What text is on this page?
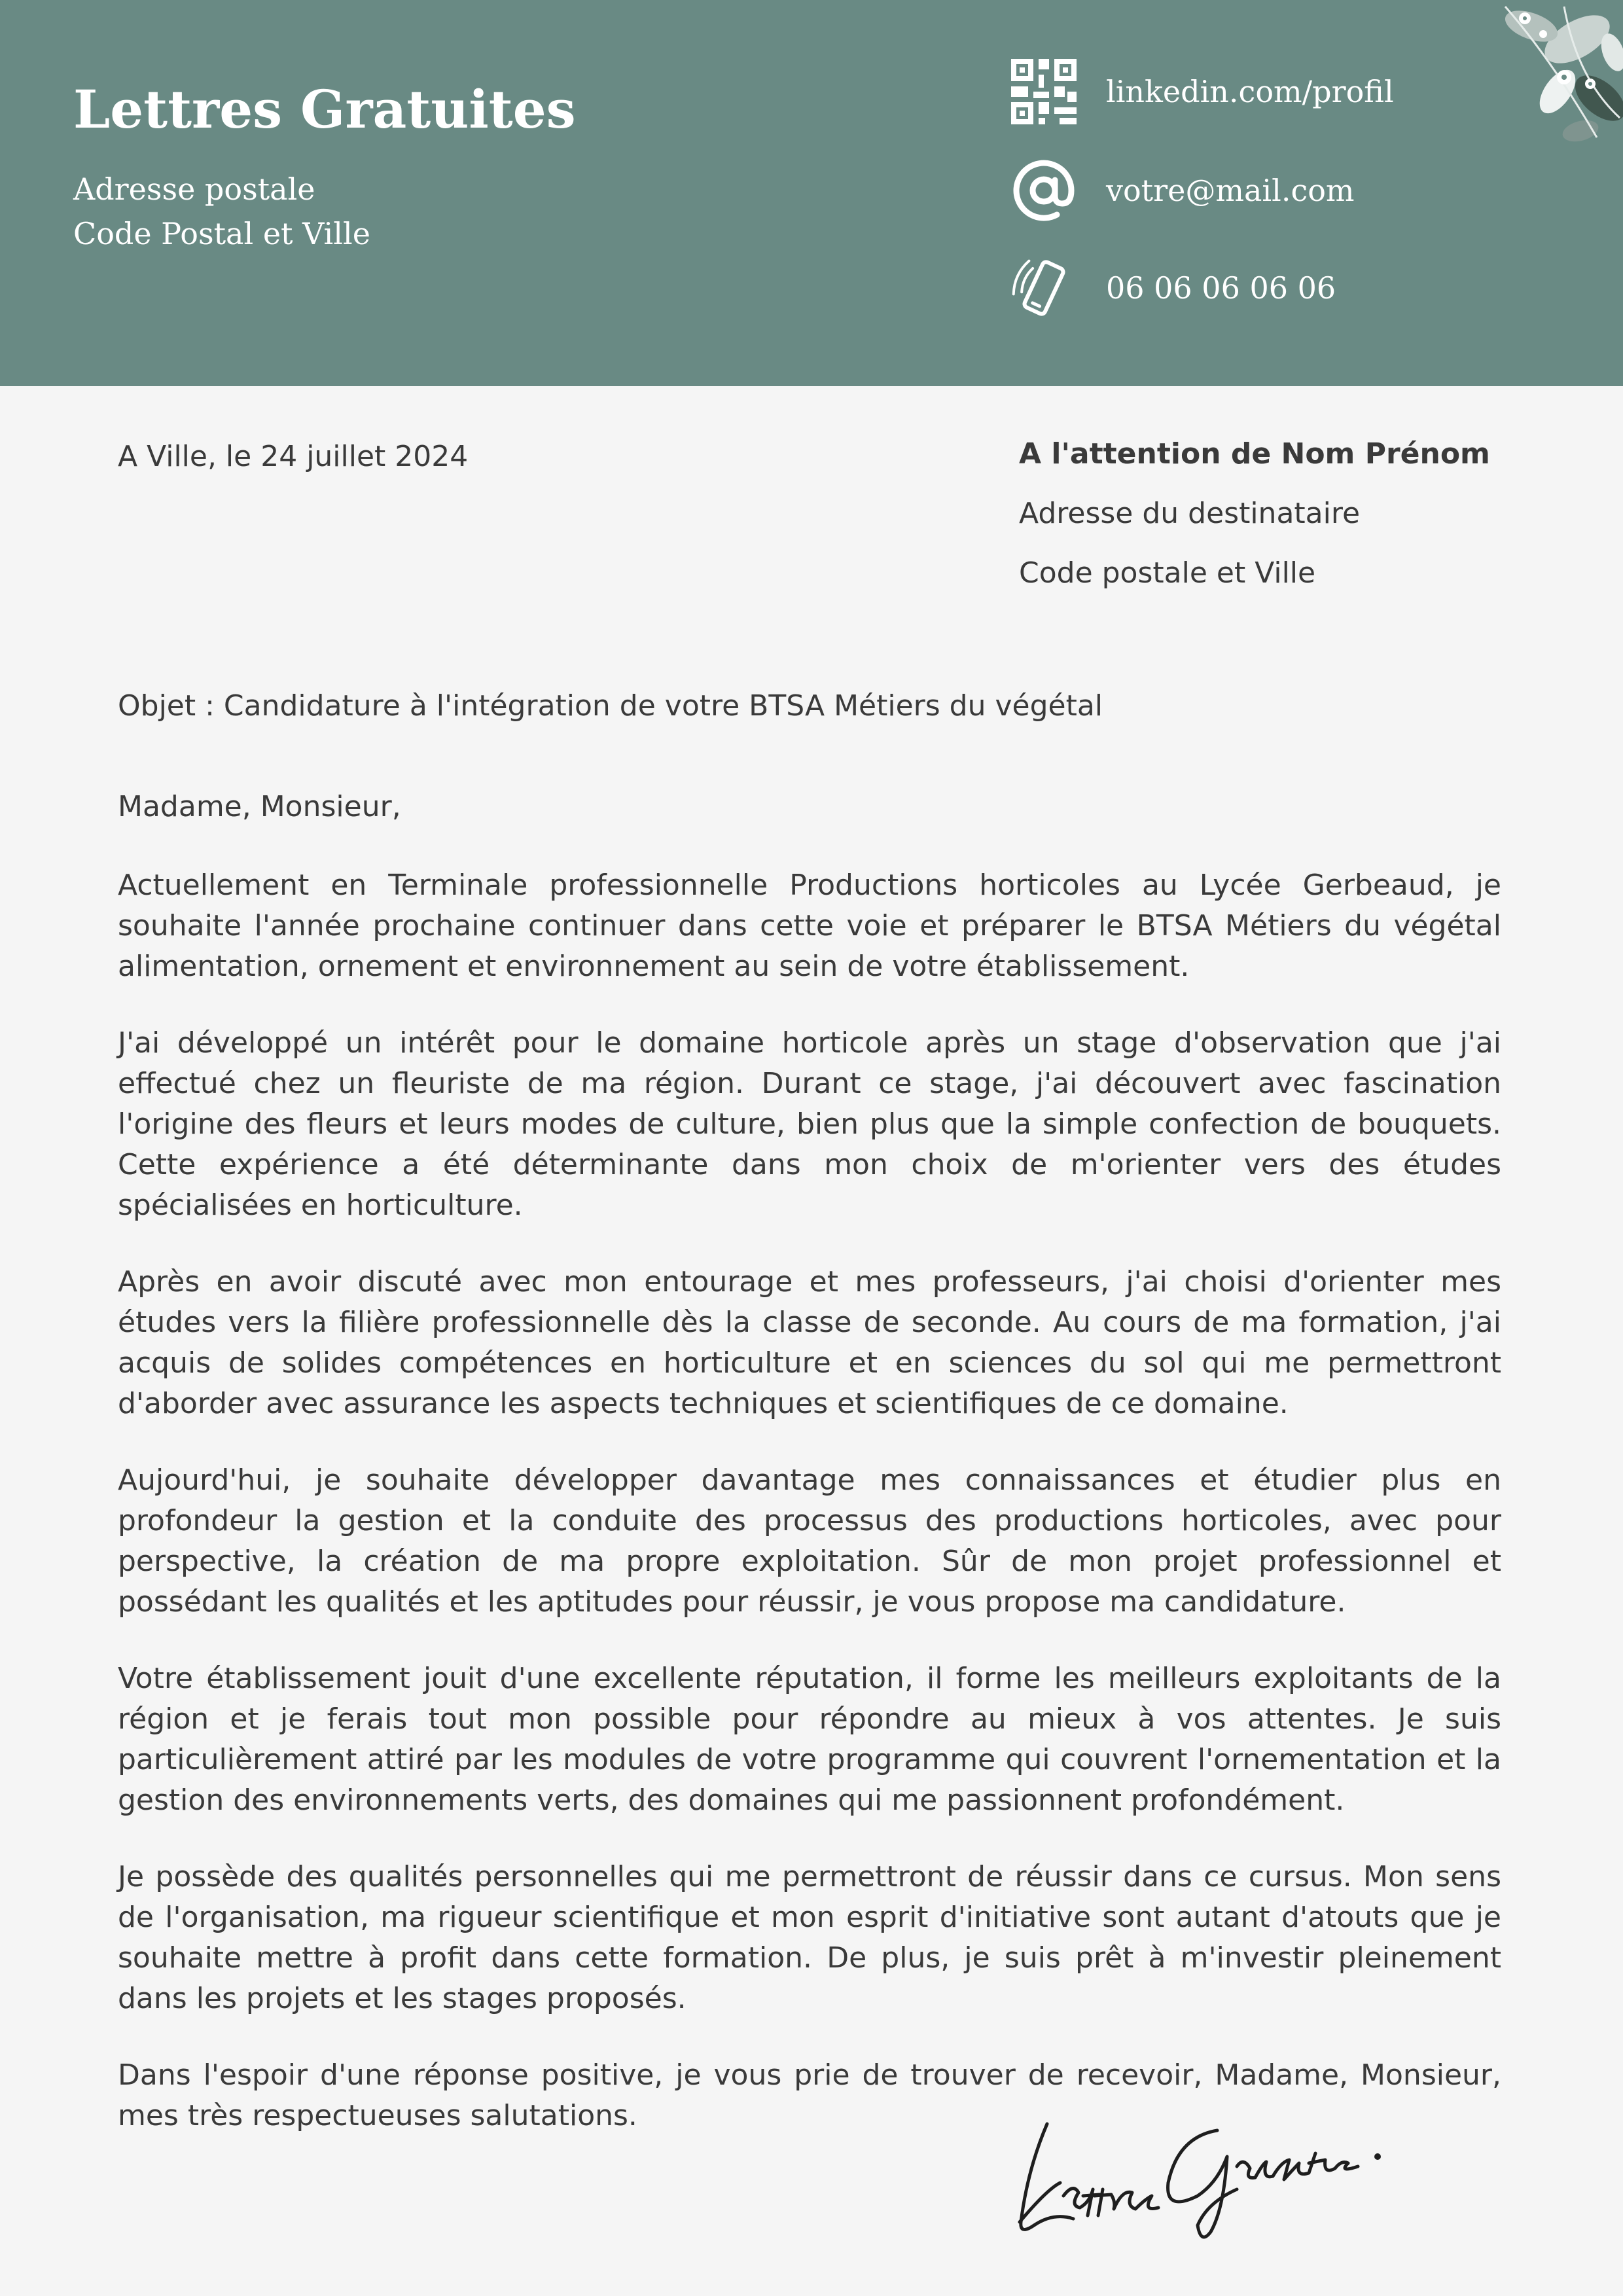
Lettres Gratuites

Adresse postale

Code Postal et Ville

linkedin.com/profil
votre@mail.com
06 06 06 06 06

A Ville, le 24 juillet 2024	A l'attention de Nom Prénom

Adresse du destinataire

Code postale et Ville

Objet : Candidature à l'intégration de votre BTSA Métiers du végétal

Madame, Monsieur,

Actuellement en Terminale professionnelle Productions horticoles au Lycée Gerbeaud, je souhaite l'année prochaine continuer dans cette voie et préparer le BTSA Métiers du végétal alimentation, ornement et environnement au sein de votre établissement.

J'ai développé un intérêt pour le domaine horticole après un stage d'observation que j'ai effectué chez un fleuriste de ma région. Durant ce stage, j'ai découvert avec fascination l'origine des fleurs et leurs modes de culture, bien plus que la simple confection de bouquets. Cette expérience a été déterminante dans mon choix de m'orienter vers des études spécialisées en horticulture.

Après en avoir discuté avec mon entourage et mes professeurs, j'ai choisi d'orienter mes études vers la filière professionnelle dès la classe de seconde. Au cours de ma formation, j'ai acquis de solides compétences en horticulture et en sciences du sol qui me permettront d'aborder avec assurance les aspects techniques et scientifiques de ce domaine.

Aujourd'hui, je souhaite développer davantage mes connaissances et étudier plus en profondeur la gestion et la conduite des processus des productions horticoles, avec pour perspective, la création de ma propre exploitation. Sûr de mon projet professionnel et possédant les qualités et les aptitudes pour réussir, je vous propose ma candidature.

Votre établissement jouit d'une excellente réputation, il forme les meilleurs exploitants de la région et je ferais tout mon possible pour répondre au mieux à vos attentes. Je suis particulièrement attiré par les modules de votre programme qui couvrent l'ornementation et la gestion des environnements verts, des domaines qui me passionnent profondément.

Je possède des qualités personnelles qui me permettront de réussir dans ce cursus. Mon sens de l'organisation, ma rigueur scientifique et mon esprit d'initiative sont autant d'atouts que je souhaite mettre à profit dans cette formation. De plus, je suis prêt à m'investir pleinement dans les projets et les stages proposés.

Dans l'espoir d'une réponse positive, je vous prie de trouver de recevoir, Madame, Monsieur, mes très respectueuses salutations.
